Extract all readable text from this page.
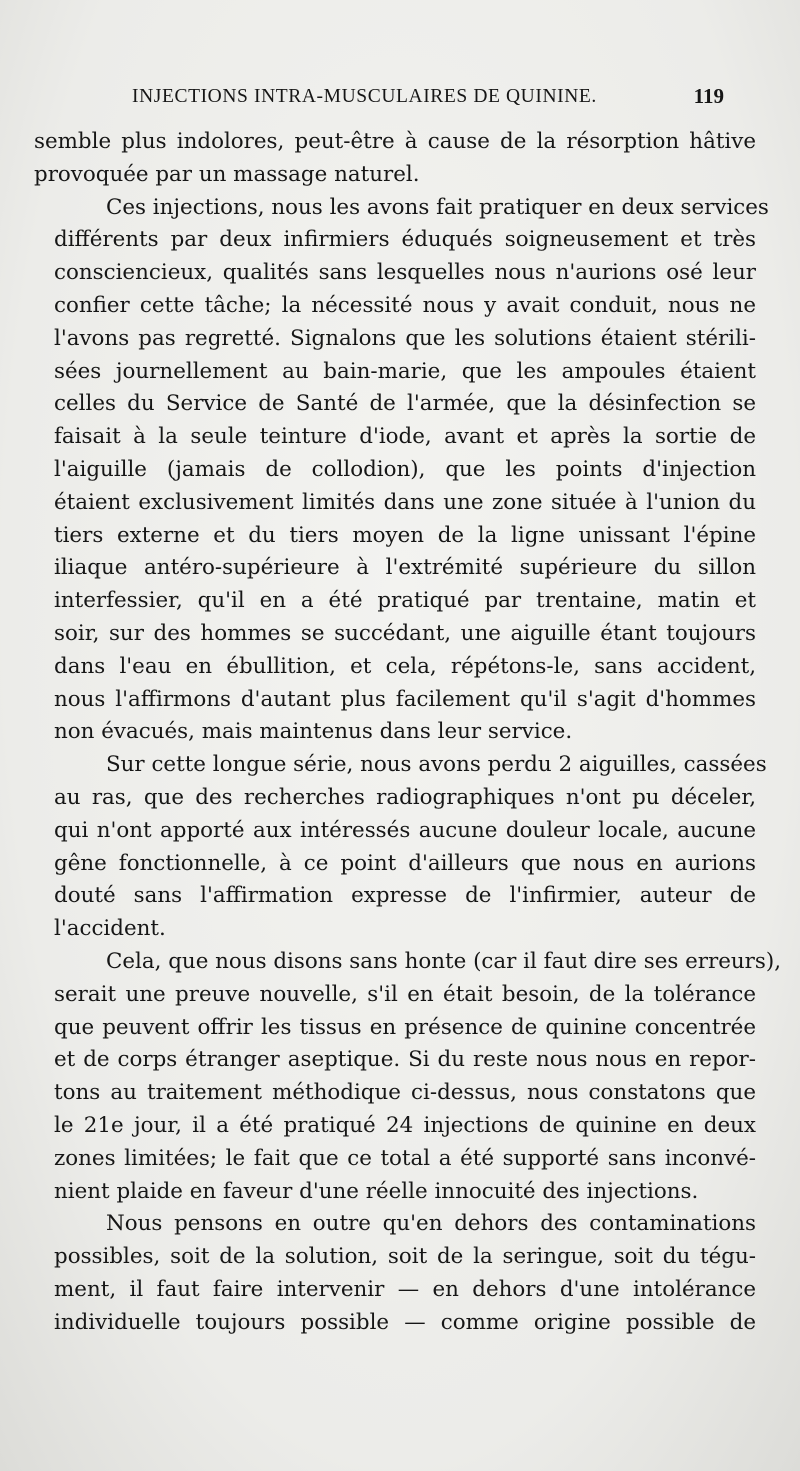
INJECTIONS INTRA-MUSCULAIRES DE QUININE.	119
semble plus indolores, peut-être à cause de la résorption hâtive
provoquée par un massage naturel.
Ces injections, nous les avons fait pratiquer en deux services
différents par deux infirmiers éduqués soigneusement et très
consciencieux, qualités sans lesquelles nous n'aurions osé leur
confier cette tâche; la nécessité nous y avait conduit, nous ne
l'avons pas regretté. Signalons que les solutions étaient stérili-
sées journellement au bain-marie, que les ampoules étaient
celles du Service de Santé de l'armée, que la désinfection se
faisait à la seule teinture d'iode, avant et après la sortie de
l'aiguille (jamais de collodion), que les points d'injection
étaient exclusivement limités dans une zone située à l'union du
tiers externe et du tiers moyen de la ligne unissant l'épine
iliaque antéro-supérieure à l'extrémité supérieure du sillon
interfessier, qu'il en a été pratiqué par trentaine, matin et
soir, sur des hommes se succédant, une aiguille étant toujours
dans l'eau en ébullition, et cela, répétons-le, sans accident,
nous l'affirmons d'autant plus facilement qu'il s'agit d'hommes
non évacués, mais maintenus dans leur service.
Sur cette longue série, nous avons perdu 2 aiguilles, cassées
au ras, que des recherches radiographiques n'ont pu déceler,
qui n'ont apporté aux intéressés aucune douleur locale, aucune
gêne fonctionnelle, à ce point d'ailleurs que nous en aurions
douté sans l'affirmation expresse de l'infirmier, auteur de
l'accident.
Cela, que nous disons sans honte (car il faut dire ses erreurs),
serait une preuve nouvelle, s'il en était besoin, de la tolérance
que peuvent offrir les tissus en présence de quinine concentrée
et de corps étranger aseptique. Si du reste nous nous en repor-
tons au traitement méthodique ci-dessus, nous constatons que
le 21e jour, il a été pratiqué 24 injections de quinine en deux
zones limitées; le fait que ce total a été supporté sans inconvé-
nient plaide en faveur d'une réelle innocuité des injections.
Nous pensons en outre qu'en dehors des contaminations
possibles, soit de la solution, soit de la seringue, soit du tégu-
ment, il faut faire intervenir — en dehors d'une intolérance
individuelle toujours possible — comme origine possible de
